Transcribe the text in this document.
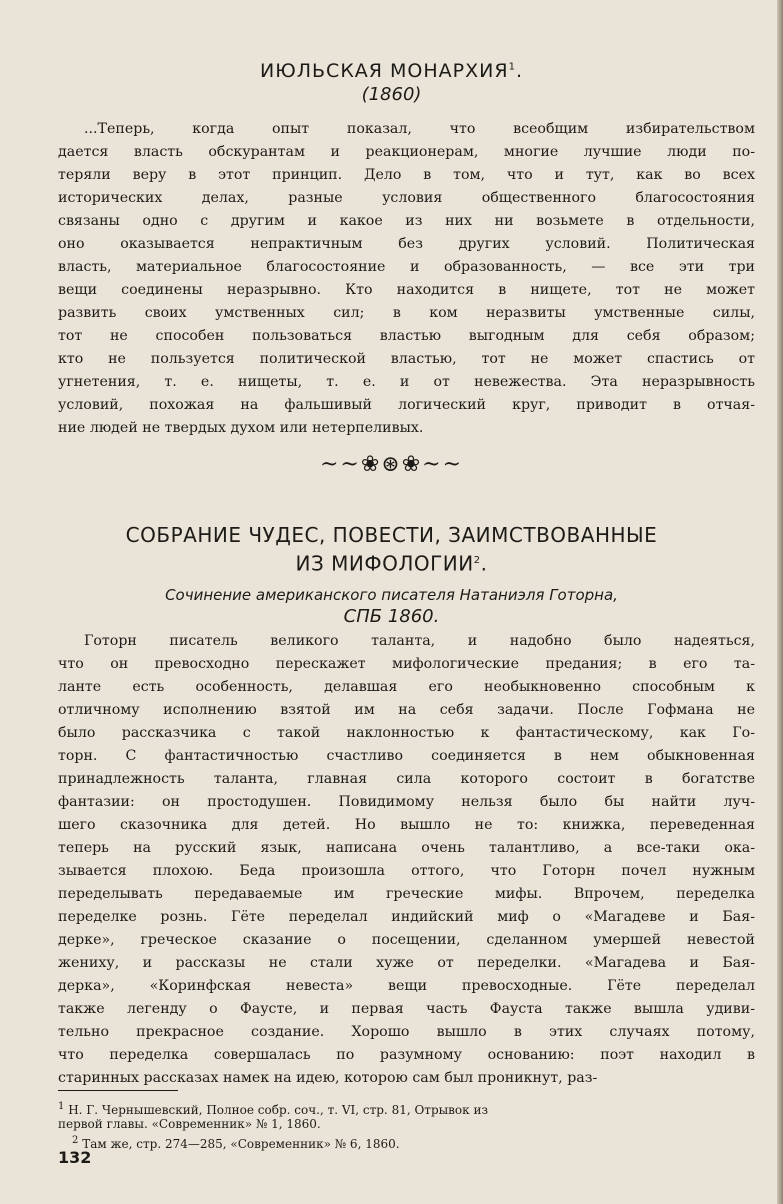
ИЮЛЬСКАЯ МОНАРХИЯ$^1$.
(1860)
...Теперь, когда опыт показал, что всеобщим избирательством
дается власть обскурантам и реакционерам, многие лучшие люди по-
теряли веру в этот принцип. Дело в том, что и тут, как во всех
исторических делах, разные условия общественного благосостояния
связаны одно с другим и какое из них ни возьмете в отдельности,
оно оказывается непрактичным без других условий. Политическая
власть, материальное благосостояние и образованность, — все эти три
вещи соединены неразрывно. Кто находится в нищете, тот не может
развить своих умственных сил; в ком неразвиты умственные силы,
тот не способен пользоваться властью выгодным для себя образом;
кто не пользуется политической властью, тот не может спастись от
угнетения, т. е. нищеты, т. е. и от невежества. Эта неразрывность
условий, похожая на фальшивый логический круг, приводит в отчая-
ние людей не твердых духом или нетерпеливых.
~~❀⊛❀~~
СОБРАНИЕ ЧУДЕС, ПОВЕСТИ, ЗАИМСТВОВАННЫЕ
ИЗ МИФОЛОГИИ$^2$.
Сочинение американского писателя Натаниэля Готорна,
СПБ 1860.
Готорн писатель великого таланта, и надобно было надеяться,
что он превосходно перескажет мифологические предания; в его та-
ланте есть особенность, делавшая его необыкновенно способным к
отличному исполнению взятой им на себя задачи. После Гофмана не
было рассказчика с такой наклонностью к фантастическому, как Го-
торн. С фантастичностью счастливо соединяется в нем обыкновенная
принадлежность таланта, главная сила которого состоит в богатстве
фантазии: он простодушен. Повидимому нельзя было бы найти луч-
шего сказочника для детей. Но вышло не то: книжка, переведенная
теперь на русский язык, написана очень талантливо, а все-таки ока-
зывается плохою. Беда произошла оттого, что Готорн почел нужным
переделывать передаваемые им греческие мифы. Впрочем, переделка
переделке рознь. Гёте переделал индийский миф о «Магадеве и Бая-
дерке», греческое сказание о посещении, сделанном умершей невестой
жениху, и рассказы не стали хуже от переделки. «Магадева и Бая-
дерка», «Коринфская невеста» вещи превосходные. Гёте переделал
также легенду о Фаусте, и первая часть Фауста также вышла удиви-
тельно прекрасное создание. Хорошо вышло в этих случаях потому,
что переделка совершалась по разумному основанию: поэт находил в
старинных рассказах намек на идею, которою сам был проникнут, раз-
$^1$ Н. Г. Чернышевский, Полное собр. соч., т. VI, стр. 81, Отрывок из
первой главы. «Современник» № 1, 1860.
$^2$ Там же, стр. 274—285, «Современник» № 6, 1860.
132
